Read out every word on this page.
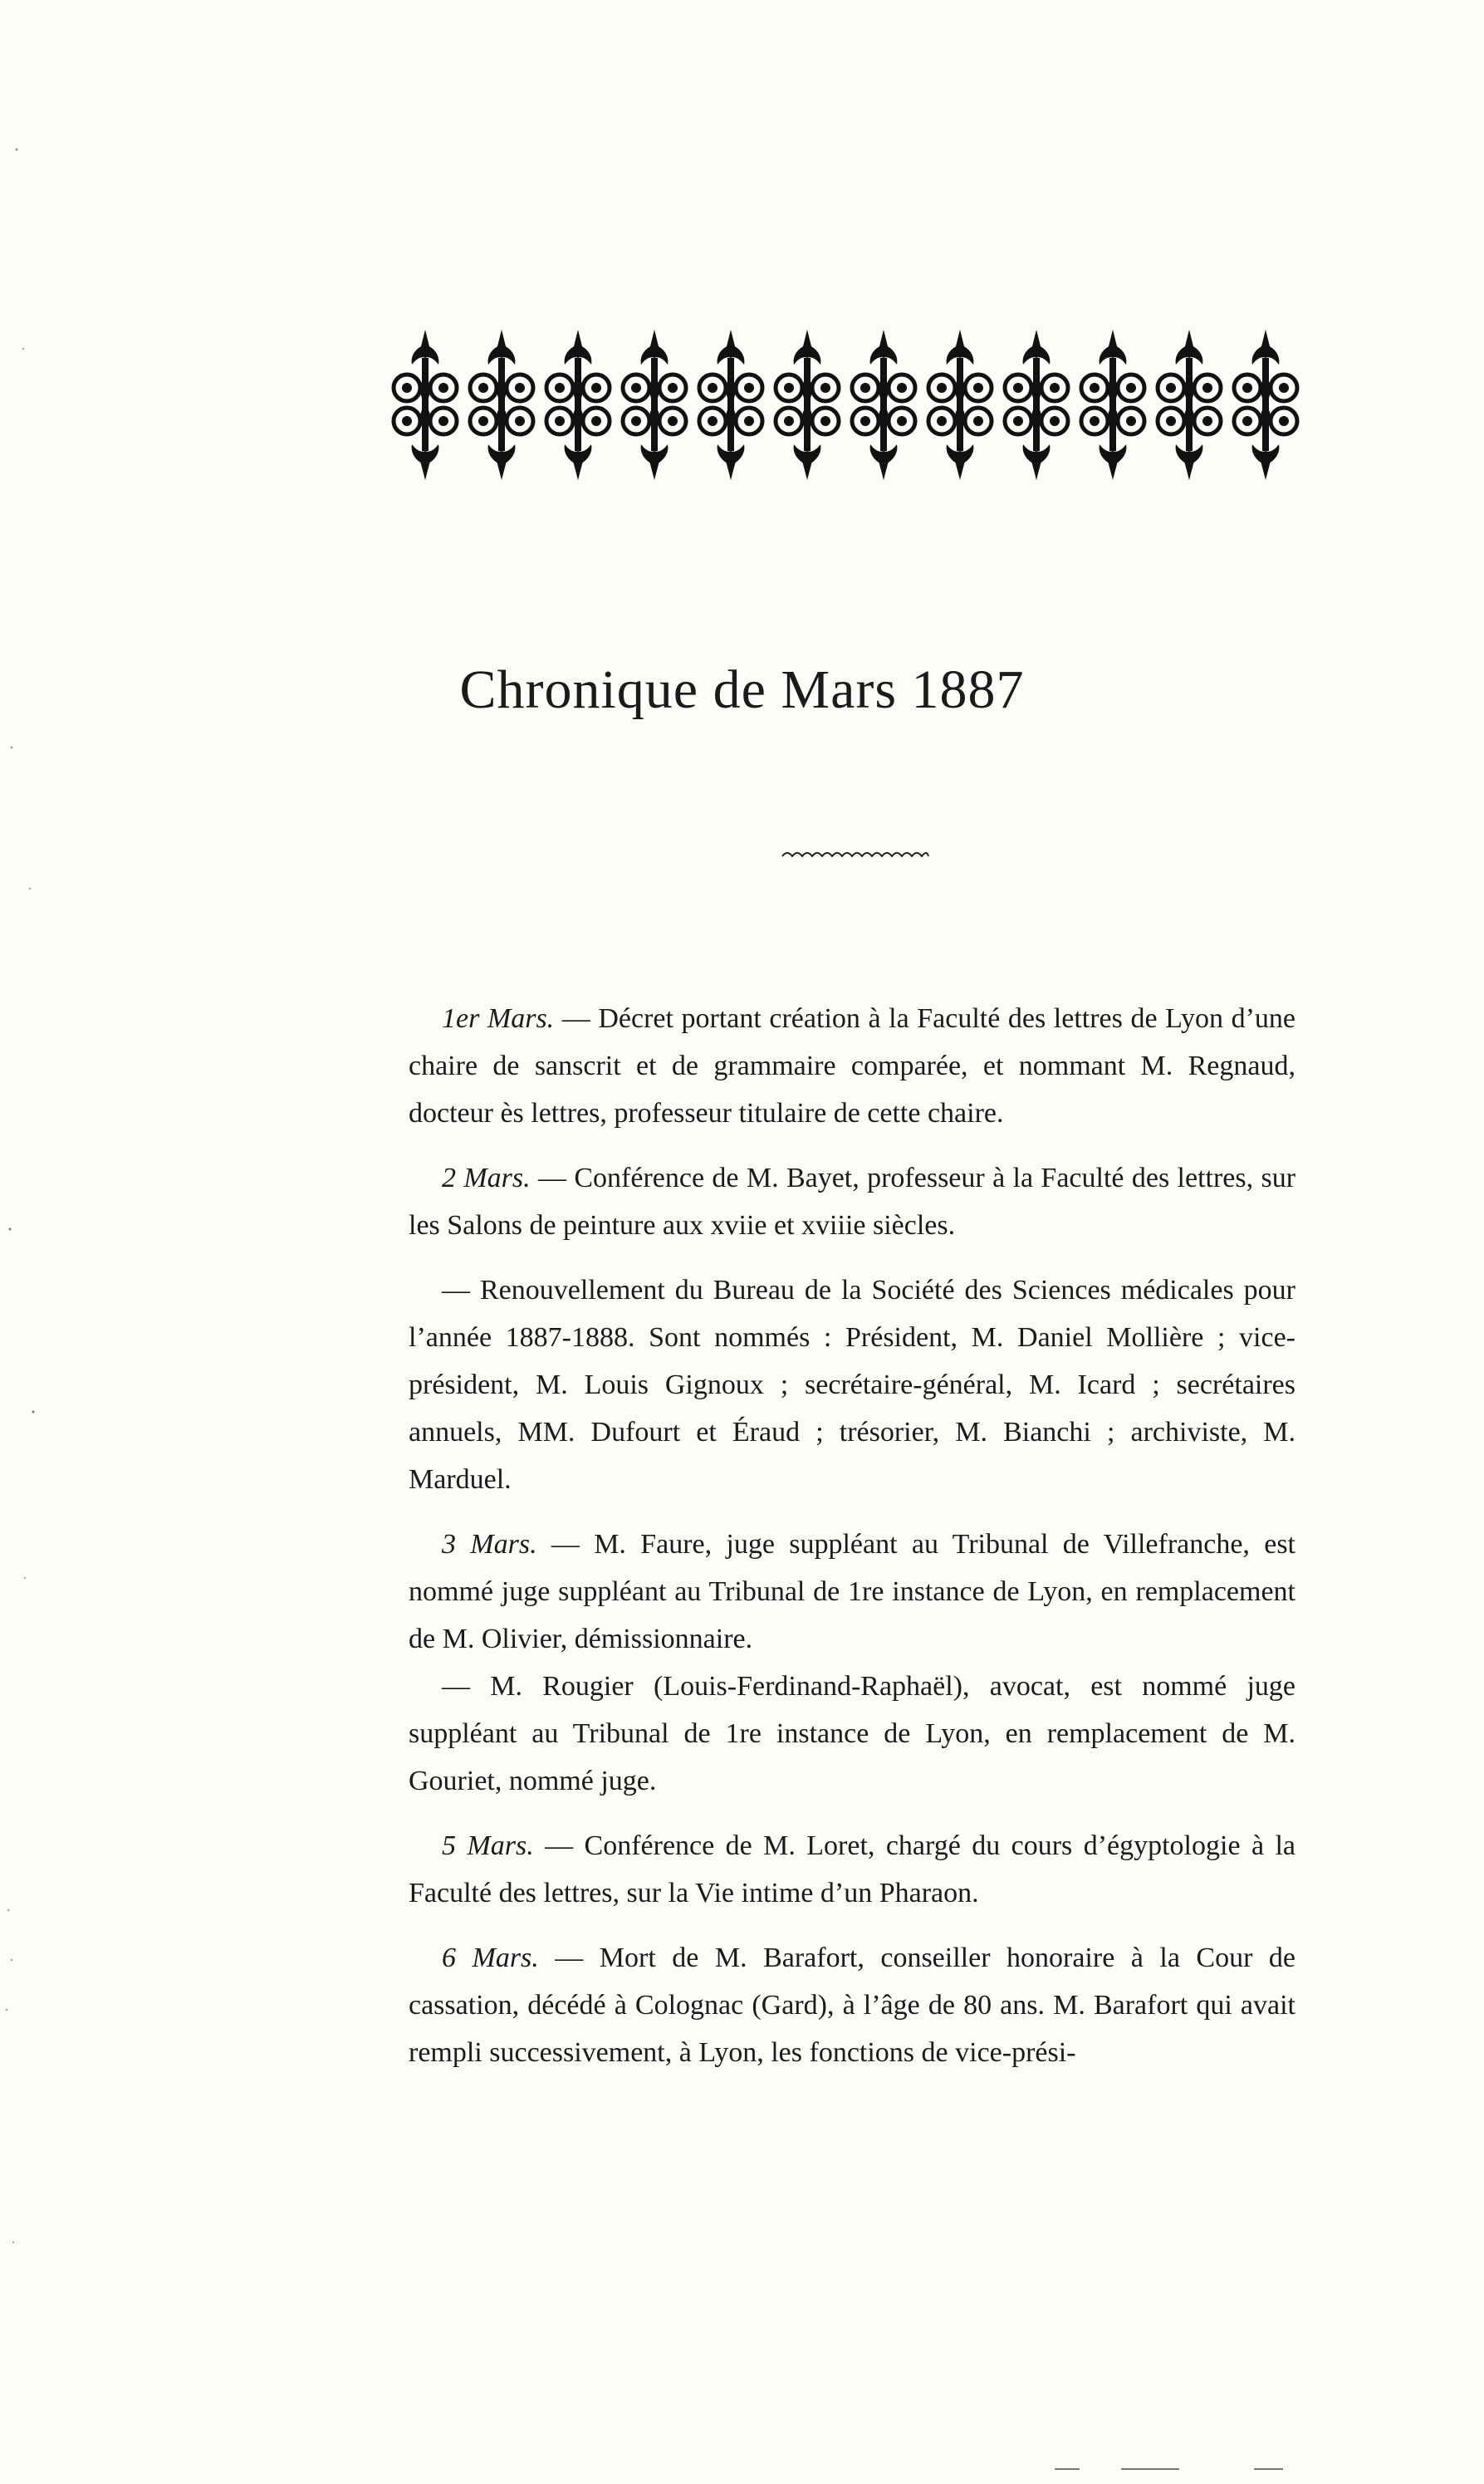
Chronique de Mars 1887

1er Mars. — Décret portant création à la Faculté des lettres de Lyon d’une chaire de sanscrit et de grammaire comparée, et nommant M. Regnaud, docteur ès lettres, professeur titulaire de cette chaire.

2 Mars. — Conférence de M. Bayet, professeur à la Faculté des lettres, sur les Salons de peinture aux xviie et xviiie siècles.

— Renouvellement du Bureau de la Société des Sciences médicales pour l’année 1887-1888. Sont nommés : Président, M. Daniel Mollière ; vice-président, M. Louis Gignoux ; secrétaire-général, M. Icard ; secrétaires annuels, MM. Dufourt et Éraud ; trésorier, M. Bianchi ; archiviste, M. Marduel.

3 Mars. — M. Faure, juge suppléant au Tribunal de Villefranche, est nommé juge suppléant au Tribunal de 1re instance de Lyon, en remplacement de M. Olivier, démissionnaire.

— M. Rougier (Louis-Ferdinand-Raphaël), avocat, est nommé juge suppléant au Tribunal de 1re instance de Lyon, en remplacement de M. Gouriet, nommé juge.

5 Mars. — Conférence de M. Loret, chargé du cours d’égyptologie à la Faculté des lettres, sur la Vie intime d’un Pharaon.

6 Mars. — Mort de M. Barafort, conseiller honoraire à la Cour de cassation, décédé à Colognac (Gard), à l’âge de 80 ans. M. Barafort qui avait rempli successivement, à Lyon, les fonctions de vice-prési-
